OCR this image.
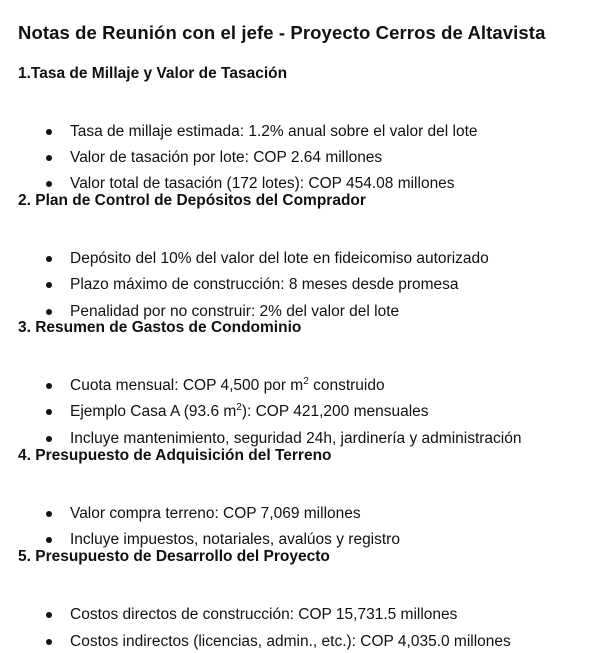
Notas de Reunión con el jefe - Proyecto Cerros de Altavista
1.Tasa de Millaje y Valor de Tasación
Tasa de millaje estimada: 1.2% anual sobre el valor del lote
Valor de tasación por lote: COP 2.64 millones
Valor total de tasación (172 lotes): COP 454.08 millones
2. Plan de Control de Depósitos del Comprador
Depósito del 10% del valor del lote en fideicomiso autorizado
Plazo máximo de construcción: 8 meses desde promesa
Penalidad por no construir: 2% del valor del lote
3. Resumen de Gastos de Condominio
Cuota mensual: COP 4,500 por $m^2$ construido
Ejemplo Casa A (93.6 $m^2$): COP 421,200 mensuales
Incluye mantenimiento, seguridad 24h, jardinería y administración
4. Presupuesto de Adquisición del Terreno
Valor compra terreno: COP 7,069 millones
Incluye impuestos, notariales, avalúos y registro
5. Presupuesto de Desarrollo del Proyecto
Costos directos de construcción: COP 15,731.5 millones
Costos indirectos (licencias, admin., etc.): COP 4,035.0 millones
